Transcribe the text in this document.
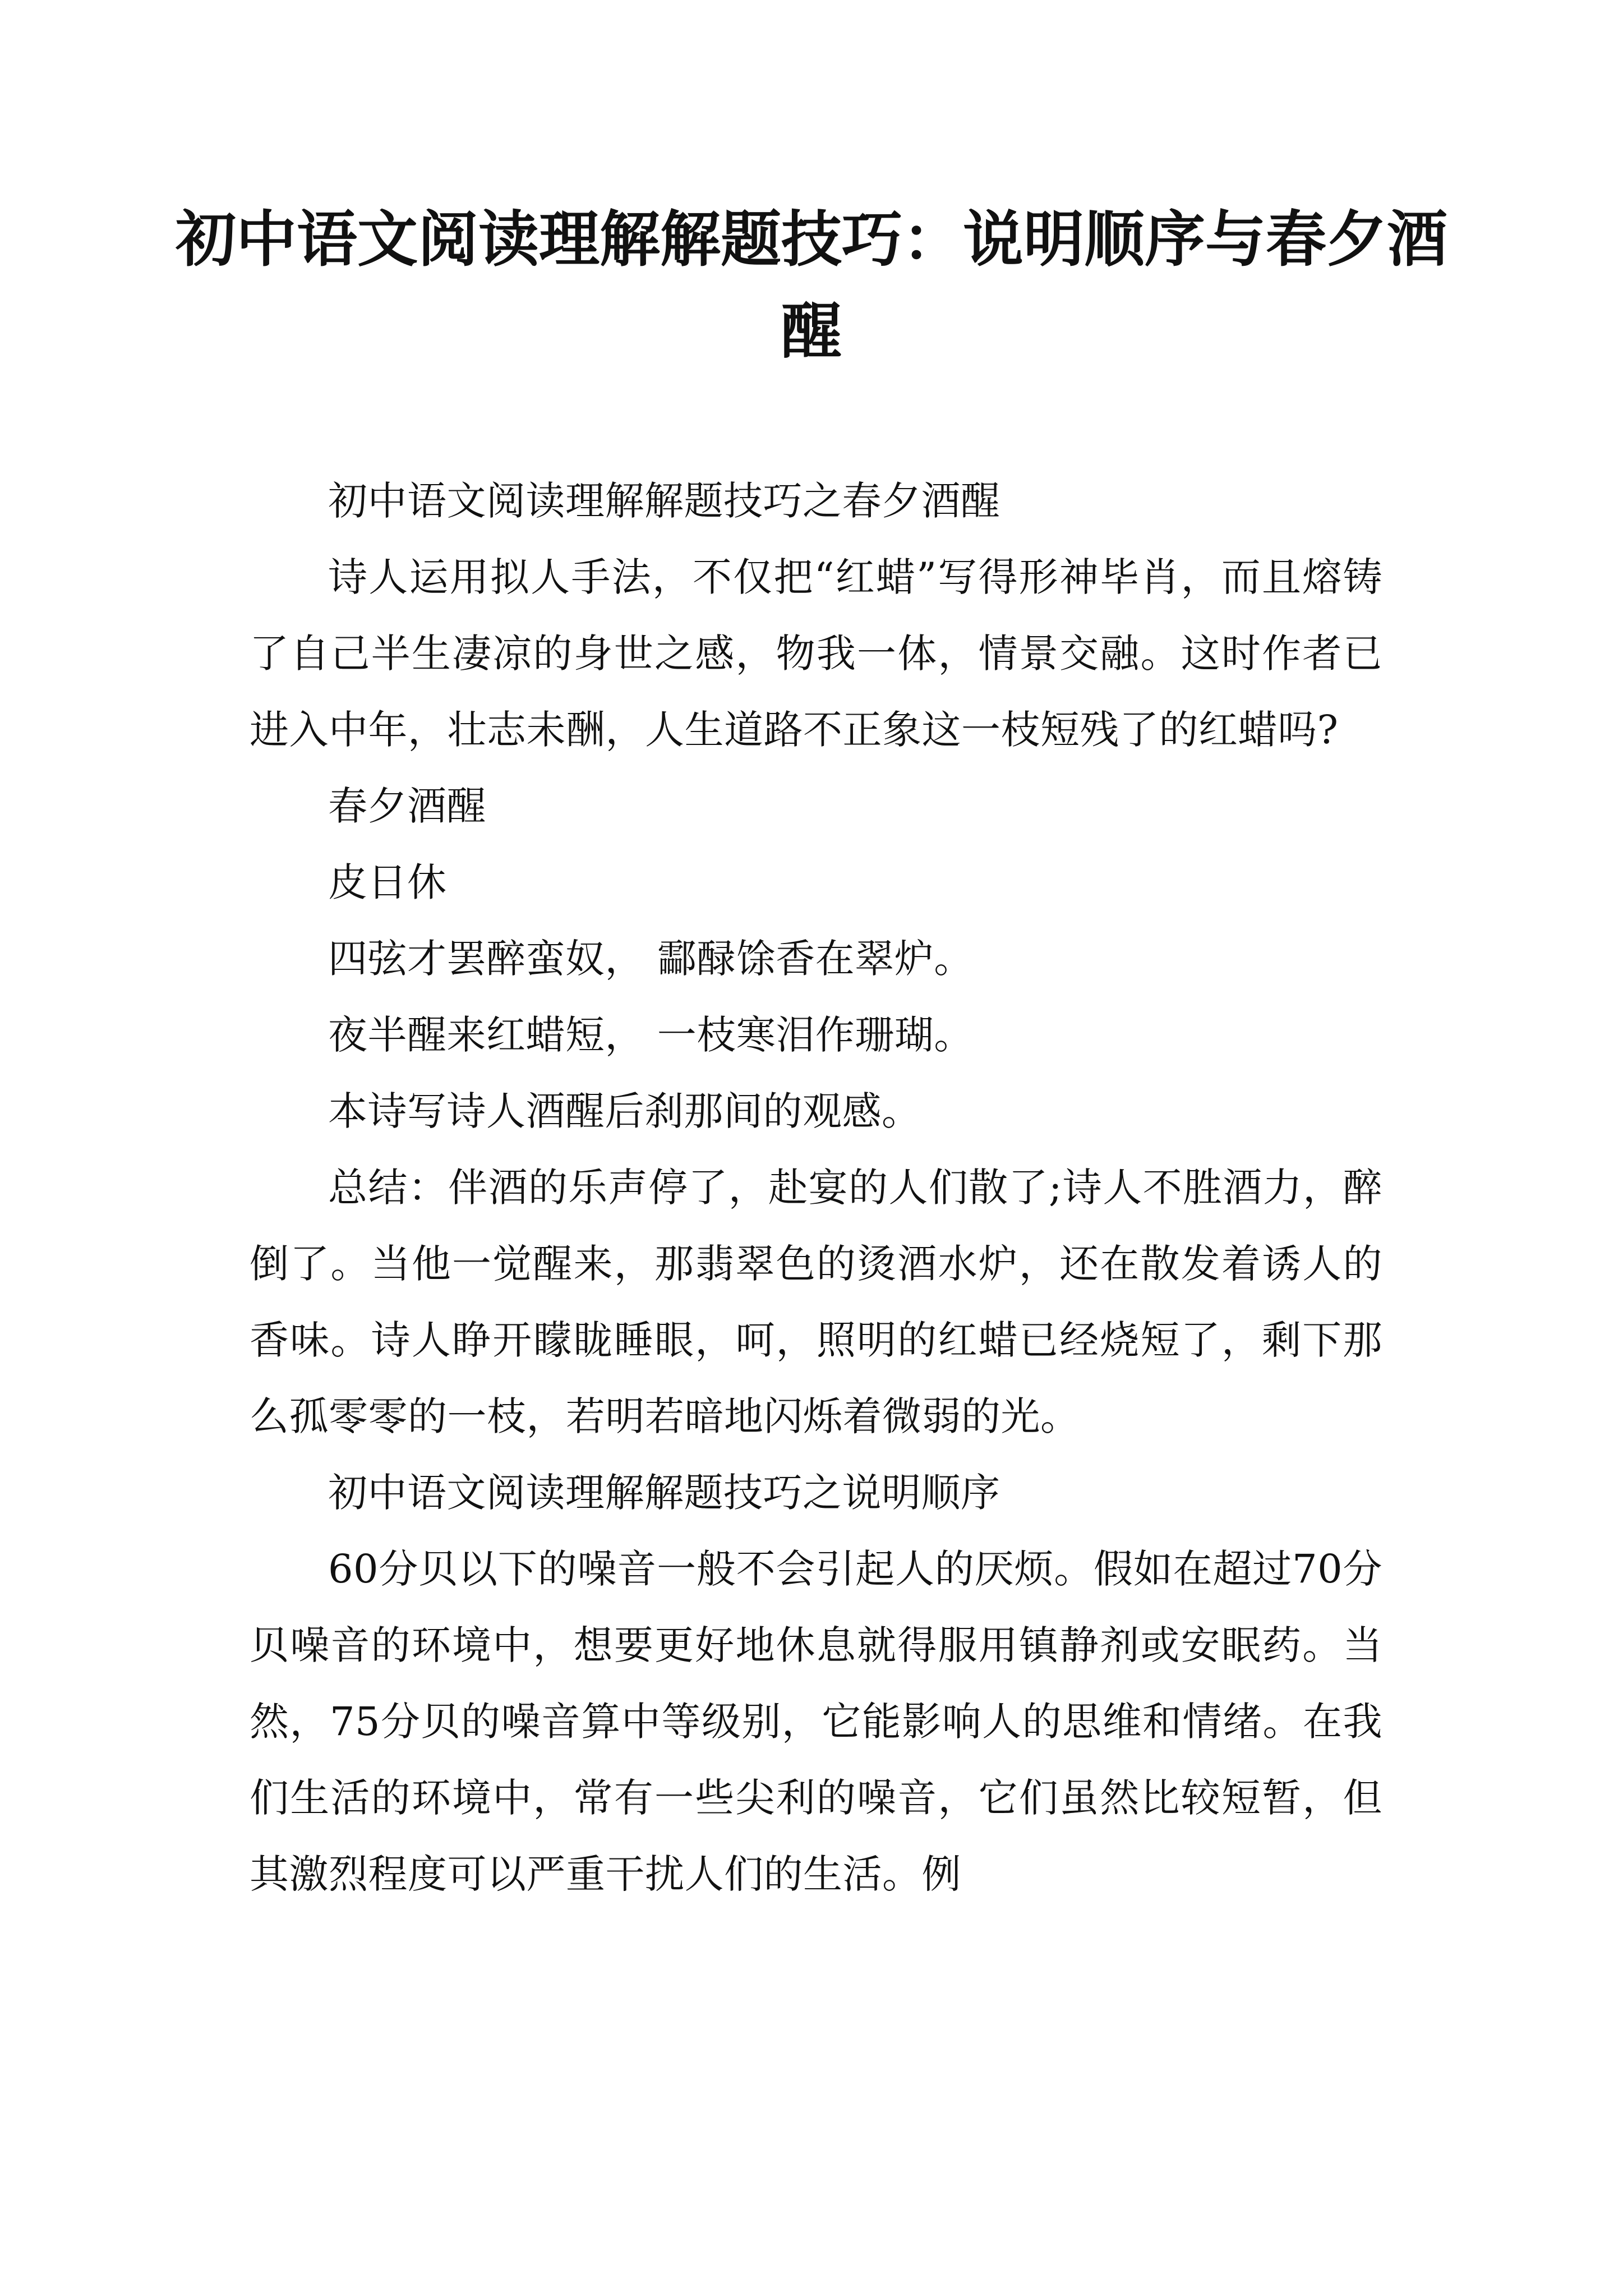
初中语文阅读理解解题技巧：说明顺序与春夕酒醒

初中语文阅读理解解题技巧之春夕酒醒

诗人运用拟人手法，不仅把“红蜡”写得形神毕肖，而且熔铸了自己半生凄凉的身世之感，物我一体，情景交融。这时作者已进入中年，壮志未酬，人生道路不正象这一枝短残了的红蜡吗?

春夕酒醒

皮日休

四弦才罢醉蛮奴， 酃醁馀香在翠炉。

夜半醒来红蜡短， 一枝寒泪作珊瑚。

本诗写诗人酒醒后刹那间的观感。

总结：伴酒的乐声停了，赴宴的人们散了;诗人不胜酒力，醉倒了。当他一觉醒来，那翡翠色的烫酒水炉，还在散发着诱人的香味。诗人睁开矇眬睡眼，呵，照明的红蜡已经烧短了，剩下那么孤零零的一枝，若明若暗地闪烁着微弱的光。

初中语文阅读理解解题技巧之说明顺序

60分贝以下的噪音一般不会引起人的厌烦。假如在超过70分贝噪音的环境中，想要更好地休息就得服用镇静剂或安眠药。当然，75分贝的噪音算中等级别，它能影响人的思维和情绪。在我们生活的环境中，常有一些尖利的噪音，它们虽然比较短暂，但其激烈程度可以严重干扰人们的生活。例
